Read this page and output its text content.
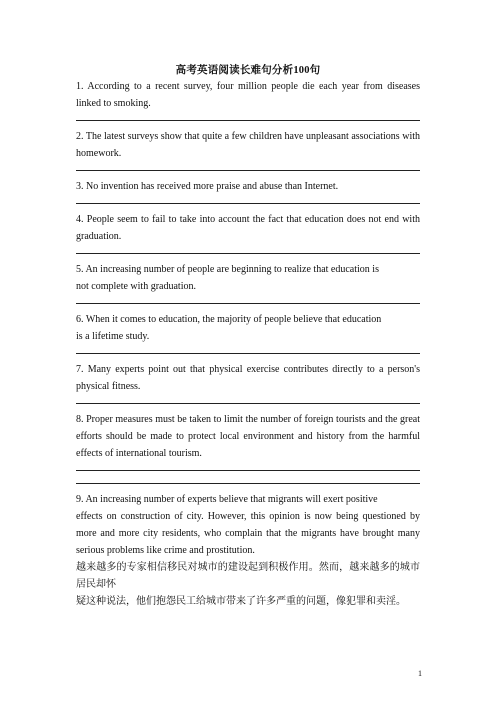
高考英语阅读长难句分析100句

1. According to a recent survey, four million people die each year from diseases linked to smoking.

2. The latest surveys show that quite a few children have unpleasant associations with homework.

3. No invention has received more praise and abuse than Internet.

4. People seem to fail to take into account the fact that education does not end with graduation.

5. An increasing number of people are beginning to realize that education is

not complete with graduation.

6. When it comes to education, the majority of people believe that education

is a lifetime study.

7. Many experts point out that physical exercise contributes directly to a person's physical fitness.

8. Proper measures must be taken to limit the number of foreign tourists and the great efforts should be made to protect local environment and history from the harmful effects of international tourism.

9. An increasing number of experts believe that migrants will exert positive

effects on construction of city. However, this opinion is now being questioned by more and more city residents, who complain that the migrants have brought many serious problems like crime and prostitution.

越来越多的专家相信移民对城市的建设起到积极作用。然而，越来越多的城市居民却怀

疑这种说法，他们抱怨民工给城市带来了许多严重的问题，像犯罪和卖淫。

1
